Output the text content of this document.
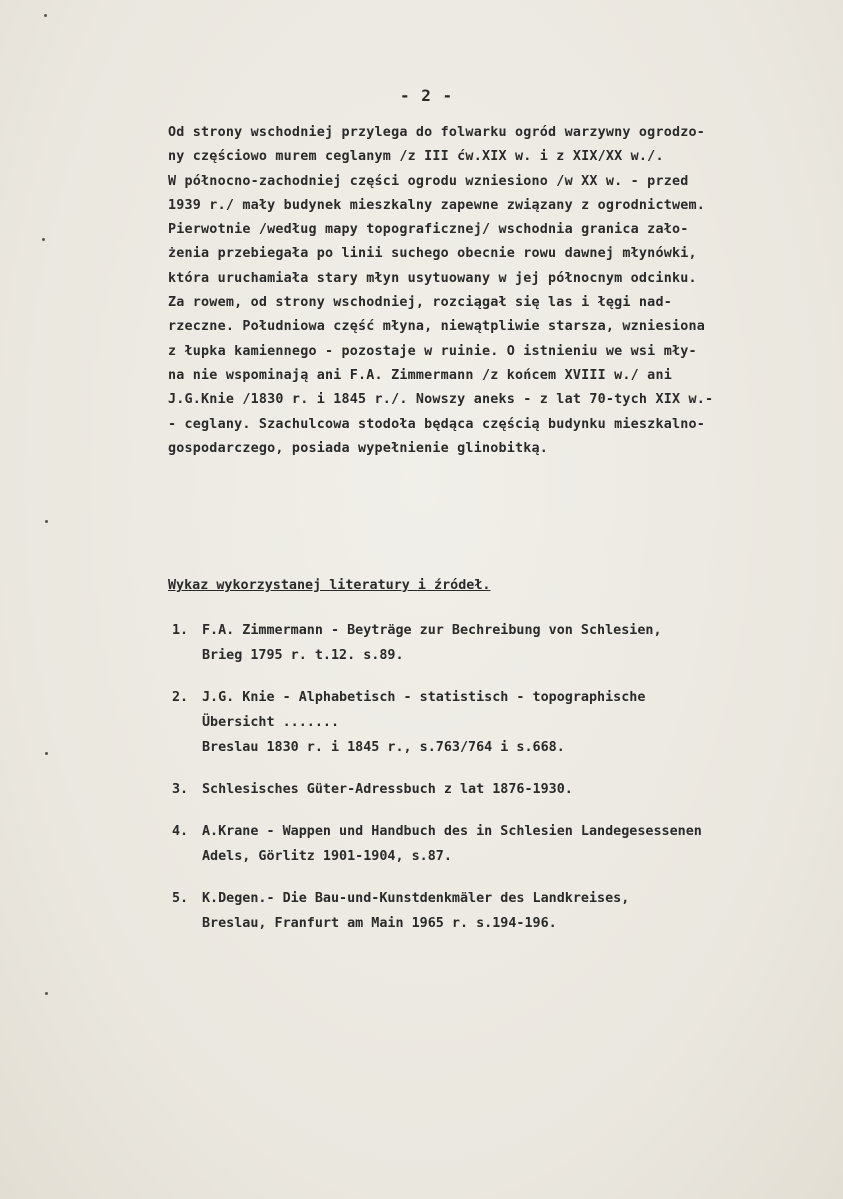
- 2 -
Od strony wschodniej przylega do folwarku ogród warzywny ogrodzo-
ny częściowo murem ceglanym /z III ćw.XIX w. i z XIX/XX w./.
W północno-zachodniej części ogrodu wzniesiono /w XX w. - przed
1939 r./ mały budynek mieszkalny zapewne związany z ogrodnictwem.
Pierwotnie /według mapy topograficznej/ wschodnia granica zało-
żenia przebiegała po linii suchego obecnie rowu dawnej młynówki,
która uruchamiała stary młyn usytuowany w jej północnym odcinku.
Za rowem, od strony wschodniej, rozciągał się las i łęgi nad-
rzeczne. Południowa część młyna, niewątpliwie starsza, wzniesiona
z łupka kamiennego - pozostaje w ruinie. O istnieniu we wsi mły-
na nie wspominają ani F.A. Zimmermann /z końcem XVIII w./ ani
J.G.Knie /1830 r. i 1845 r./. Nowszy aneks - z lat 70-tych XIX w.-
- ceglany. Szachulcowa stodoła będąca częścią budynku mieszkalno-
gospodarczego, posiada wypełnienie glinobitką.
Wykaz wykorzystanej literatury i źródeł.
1. F.A. Zimmermann - Beyträge zur Bechreibung von Schlesien,
Brieg 1795 r. t.12. s.89.
2. J.G. Knie - Alphabetisch - statistisch - topographische
Übersicht .......
Breslau 1830 r. i 1845 r., s.763/764 i s.668.
3. Schlesisches Güter-Adressbuch z lat 1876-1930.
4. A.Krane - Wappen und Handbuch des in Schlesien Landegesessenen
Adels, Görlitz 1901-1904, s.87.
5. K.Degen.- Die Bau-und-Kunstdenkmäler des Landkreises,
Breslau, Franfurt am Main 1965 r. s.194-196.
